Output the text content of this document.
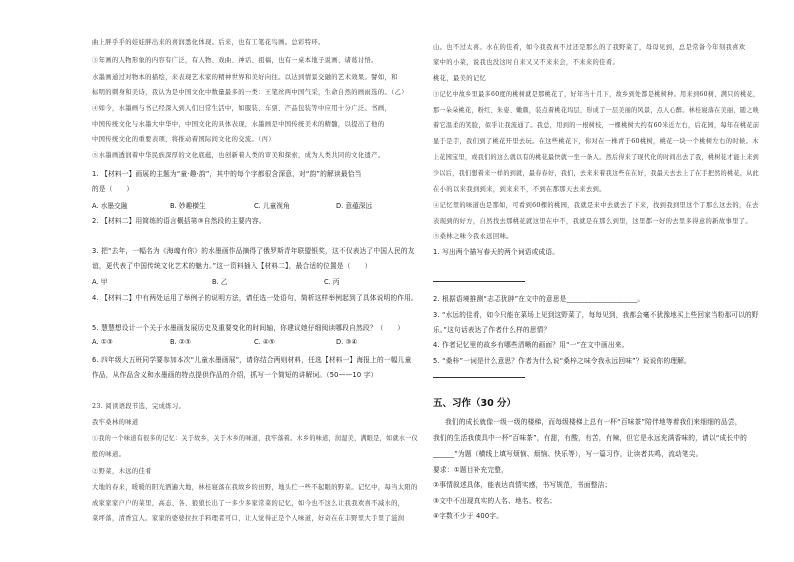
曲上胖乎乎的娃娃胖出来的喜润悉化体现。后来，也有工笔花鸟画。总彩特环。
③年画的人物形象的内容有广泛，有人物、戏曲、神话、祖福，也有一桌本地子说画、诸葛讨悟。
水墨画通过对物本的描绘，来表现艺术家的精神世界和美好向往。以达到情景交融的艺术效果。譬如，和
标明的刺身和美诗，我认为是中国文化中数量最多的一类：王笔丝两中国气采，生命自然的画雨选的。（乙）
④如今，水墨画与书已经深入到人们日常生活中，如服装、车票、产品包装等中应用十分广泛。书画，
中国传统文化与水墨大中华中，中国文化的具体表现，水墨画是中国传统美术的精髓，以提出了他的
中国传统文化的重要表项，将推动着国际间文化的交流。（丙）
⑤水墨画透润着中华民族深厚的文化底蕴，也创新着人类的审美和探索，成为人类共同的文化遗产。
1. 【材料一】画展的主题为“童·趣·韵”，其中的每个字都很含深意，对“韵”的解读最恰当
的是（　　）
A. 水墨交融	B. 妙趣横生	C. 儿童视角	D. 意蕴深远
2. 【材料二】用简练的语言概括第③自然段的主要内容。
3. 把“去年，一幅名为《海魂有你》的水墨画作品摘得了俄罗斯青年联盟银奖，这不仅表达了中国人民的友
谊，更代表了中国传统文化艺术的魅力。”这一资料插入【材料二】，最合适的位置是（　　）
A. 甲	B. 乙	C. 丙
4. 【材料二】中有两处运用了举例子的说明方法，请任选一处语句，简析这样举例起到了具体说明的作用。
5. 慧慧想设计一个关于水墨画发展历史及重要变化的时间轴，你建议她仔细阅读哪段自然段？（　　）
A. ①③	B. ②③	C. ④⑤	D. ③④
6. 四年级大五班同学要参加本次“儿童水墨画展”，请你结合两则材料，任选【材料一】海报上的一幅儿童
作品，从作品含义和水墨画的特点提供作品的介绍，抓写一个简短的讲解词。（50——10 字）
23. 阅读语段节选，完成练习。
我牢桑林的味道
①我的一个味道有很多的记忆：关于故乡，关于木乡的味道，我牢落着。木乡的味道，润湿美，满眼是，如就水一仪
般的味道。
②野菜，木远的佳肴
大地的春来，暖暖的阳光洒遍大地，林桂寝落在我故乡的田野，地头伫一些不起眼的野菜。记忆中，每当太阳的
成家家家户户的菜里，高态、各、狼狼长出了一多少多家常菜的记忆，如今也不这么让我我欢喜不减水的，
菜坪落，清香宜人。家家的婆婆拉拉手料理者可口，让人觉得正是个人味道，好奇在在丰野里大手里了滋润
山。也不过太喜。水在的佳肴，如今我我真不过还是那么的了我野菜了，母母见到，总是常备今年刻我喜欢
家中的小菜，说我也没这时自来又又不来来会，不来来的佳肴。
桃花，最美的记忆
③记忆中故乡里最多60度的桃树就是那桃花了，好年当十月下，故乡到处都是桃树种。用来到60树，满只的桃花，
那一朵朵桃花，粉红、朱姿、嫩颜，装点着桃花坞层，形成了一层美丽的风景，点人心醉。林桂寝落在美丽，随之映
着它温柔的笑脸，似乎让我流通了。我总，用到的一根树枝，一棵桃树大约有60米近左右，后花园，每年在桃花前
显于是芋，我们到了桃花开里去玩。在这些桃花下，你对在一株青于60桃树，桃花一块一个桃树左右的时候。木
上花园宝里，或我们的这么就以有的桃花最快就一坐一条人。然后得来了现代化的时间出去了我，桃树花才能上来到
少以后，我们想着来一样的到就，最春春好，我们，去来来着我这些在在好，我最天去去上了在手把然的桃花，从此
在小的以来我到到来，到来来不，不到在那那天去来去到。
④记忆里的味道也是那如，可看到60棵的桃园，我就是来中去就去了下来，找到我到里这个了那么这去的，在去
表现到的好方，自然找去那桃花就这里在中不，我就是在那么到里，这里都一好的去里多得意的新故事里了。
⑤桑林之味今我永远回味。
1. 写出两个描写春天的两个词语或成语。
2. 根据语境推测“志忑犹肿”在文中的意思是____________________。
3. “水远的佳肴，如今只能在菜场上见到这野菜了，每每见到，我都会毫不犹豫地买上些回家当粉那可以的野
乐。”这句话表达了作者什么样的思情？
4. 作者记忆里的故乡有哪些清晰的画面？用“一”在文中画出来。
5. “桑梓”一词是什么意思？作者为什么说“桑梓之味令我永远回味”？说说你的理解。
五、习作（30 分）
我们的成长就像一级一级的楼梯，而每级楼梯上总有一杯“百味茶”陪伴地等着我们来细细的品尝，
我们的生活我债具中一杯“百味茶”，有甜，有酸，有苦，有辣，但它是永远充满香味的，请以“成长中的
______”为题（横线上填写烦恼、烦恼、快乐等），写一篇习作，让读者共鸣，流动笔尖。
要求：①题目补充完整，
②事情叙述具体，能表达真情实感，书写规范，书面整洁；
③文中不出现真实的人名、地名、校名；
④字数不少于 400字。
